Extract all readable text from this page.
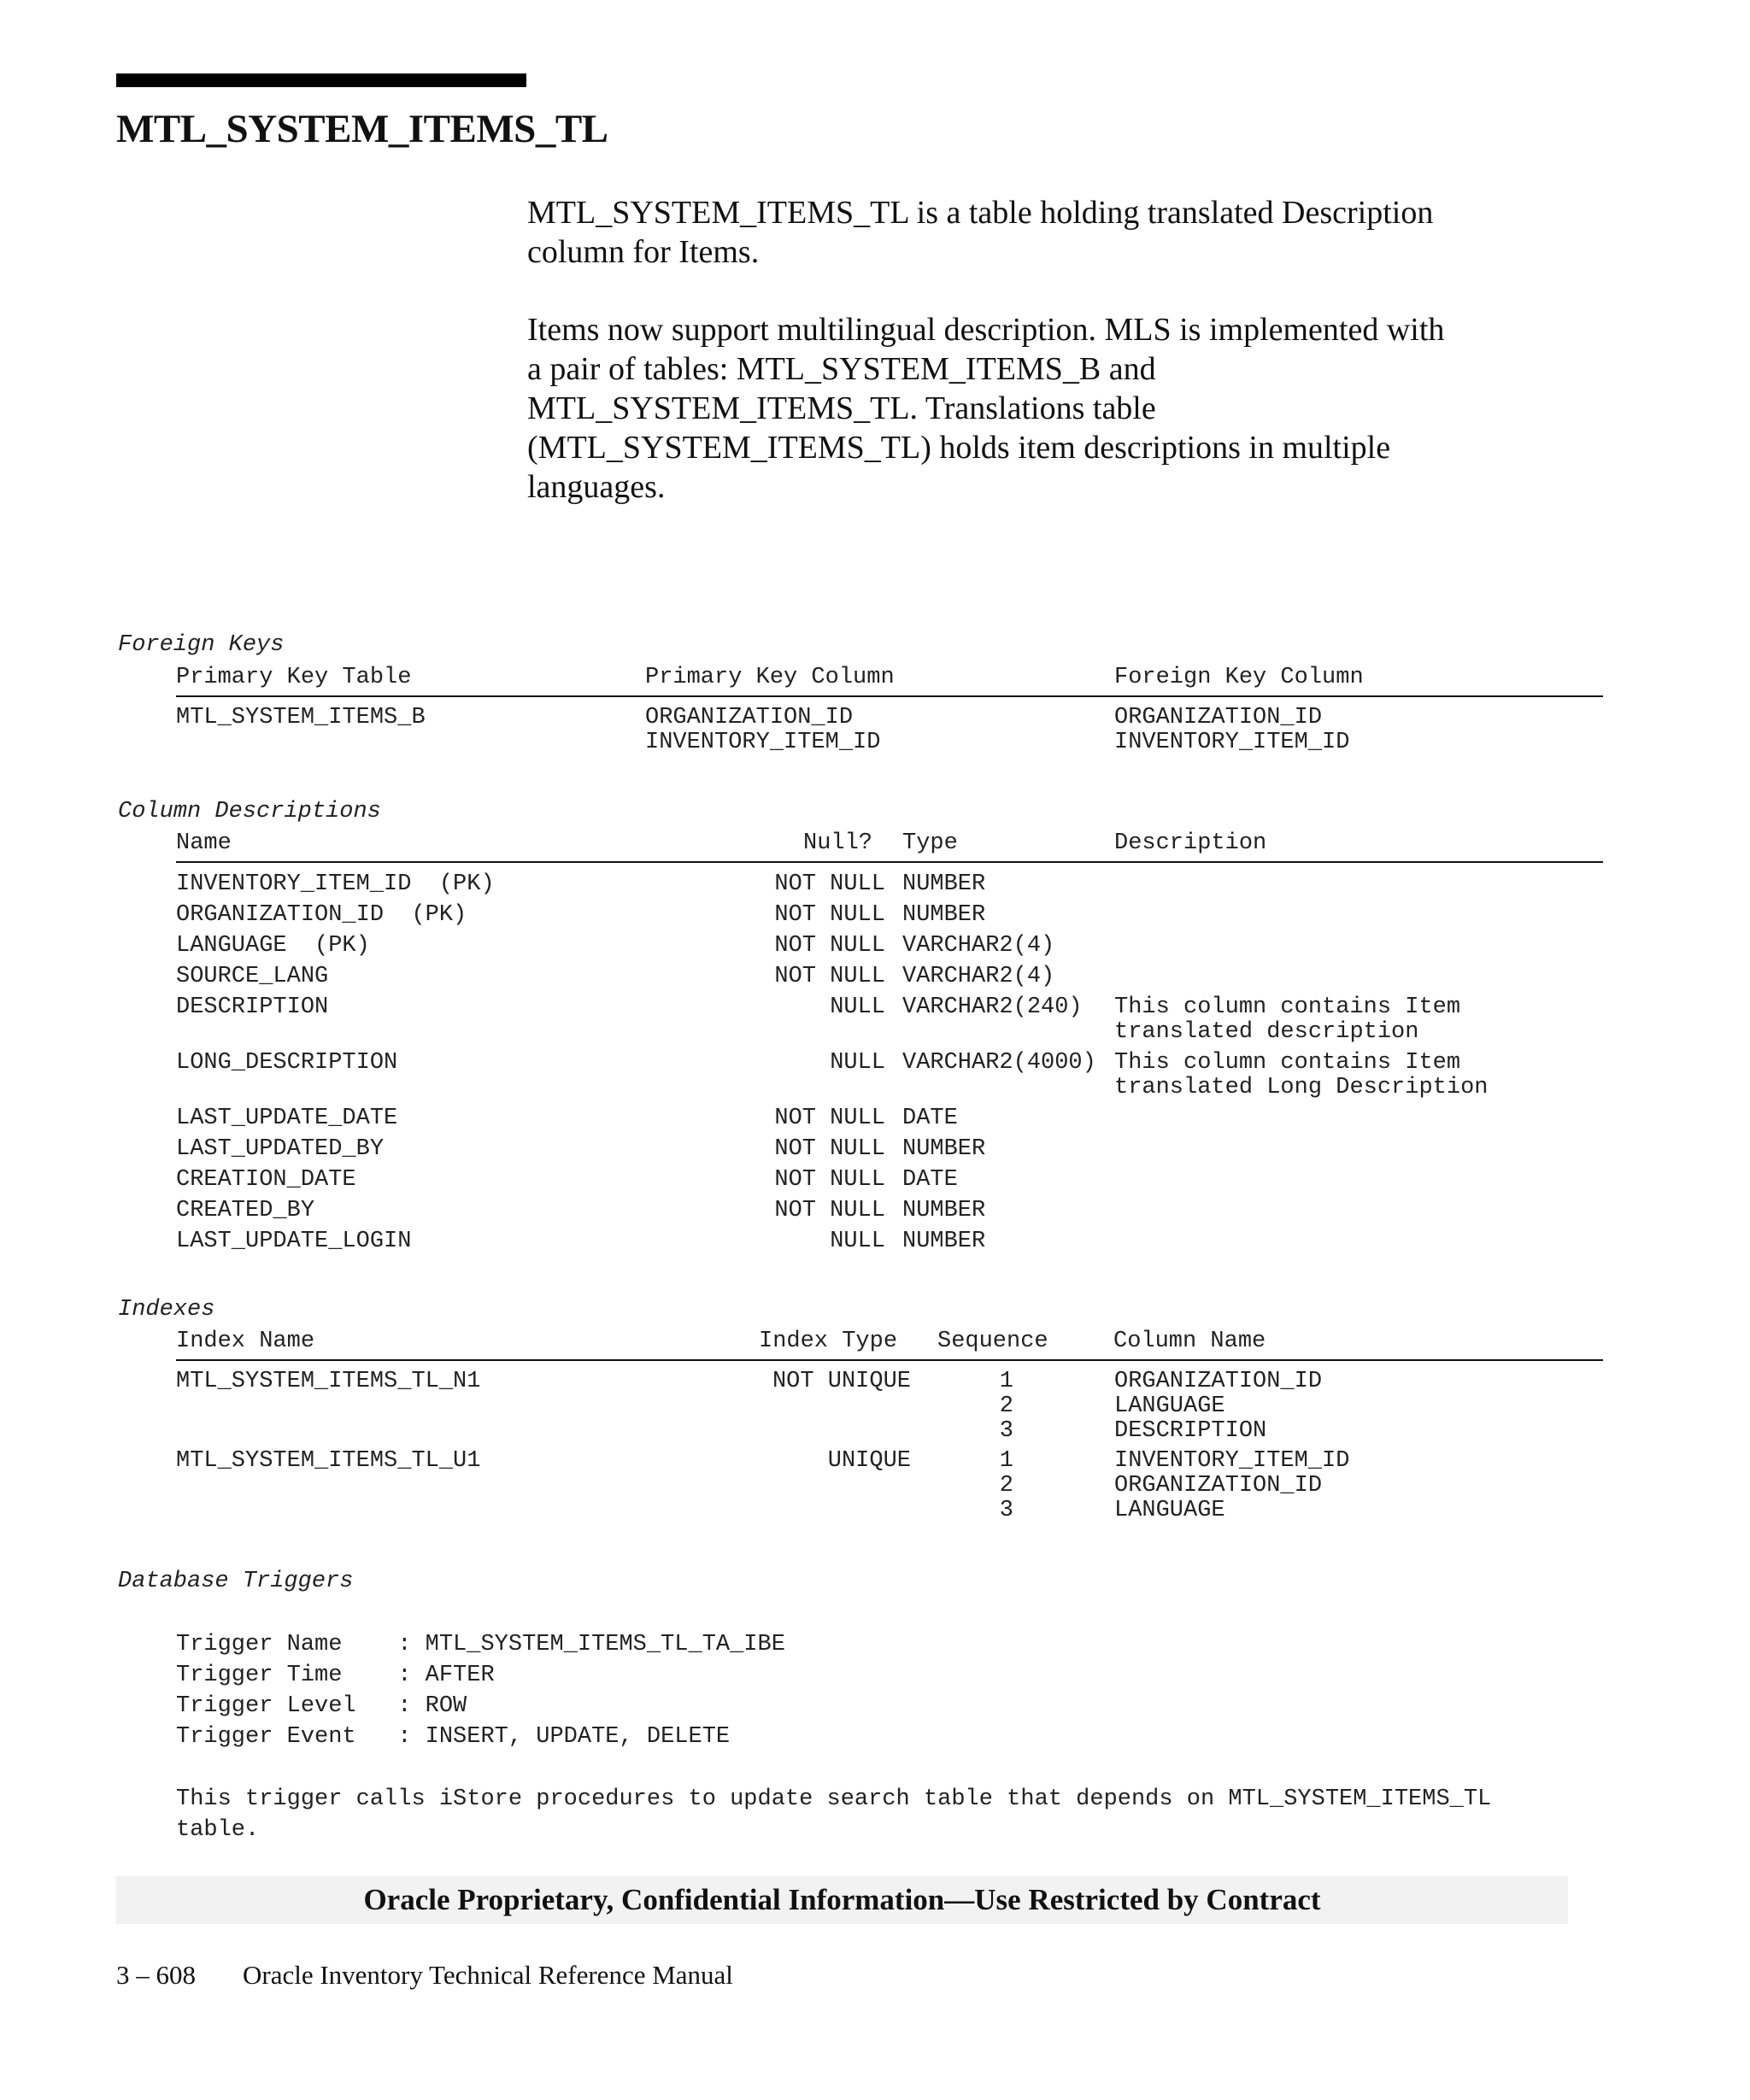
MTL_SYSTEM_ITEMS_TL

MTL_SYSTEM_ITEMS_TL is a table holding translated Description
column for Items.

Items now support multilingual description. MLS is implemented with
a pair of tables: MTL_SYSTEM_ITEMS_B and
MTL_SYSTEM_ITEMS_TL. Translations table
(MTL_SYSTEM_ITEMS_TL) holds item descriptions in multiple
languages.

Foreign Keys

Primary Key Table	Primary Key Column	Foreign Key Column
MTL_SYSTEM_ITEMS_B	ORGANIZATION_ID	ORGANIZATION_ID
INVENTORY_ITEM_ID	INVENTORY_ITEM_ID

Column Descriptions

Name	Null? Type	Description
INVENTORY_ITEM_ID  (PK)	NOT NULL NUMBER
ORGANIZATION_ID  (PK)	NOT NULL NUMBER
LANGUAGE  (PK)	NOT NULL VARCHAR2(4)
SOURCE_LANG	NOT NULL VARCHAR2(4)
DESCRIPTION	NULL VARCHAR2(240) This column contains Item
translated description
LONG_DESCRIPTION	NULL VARCHAR2(4000) This column contains Item
translated Long Description
LAST_UPDATE_DATE	NOT NULL DATE
LAST_UPDATED_BY	NOT NULL NUMBER
CREATION_DATE	NOT NULL DATE
CREATED_BY	NOT NULL NUMBER
LAST_UPDATE_LOGIN	NULL NUMBER

Indexes

Index Name	Index Type Sequence	Column Name
MTL_SYSTEM_ITEMS_TL_N1	NOT UNIQUE	1	ORGANIZATION_ID
2	LANGUAGE
3	DESCRIPTION
MTL_SYSTEM_ITEMS_TL_U1	UNIQUE	1	INVENTORY_ITEM_ID
2	ORGANIZATION_ID
3	LANGUAGE

Database Triggers

Trigger Name    : MTL_SYSTEM_ITEMS_TL_TA_IBE
Trigger Time    : AFTER
Trigger Level   : ROW
Trigger Event   : INSERT, UPDATE, DELETE

This trigger calls iStore procedures to update search table that depends on MTL_SYSTEM_ITEMS_TL
table.

Oracle Proprietary, Confidential Information––Use Restricted by Contract
3 – 608 Oracle Inventory Technical Reference Manual
